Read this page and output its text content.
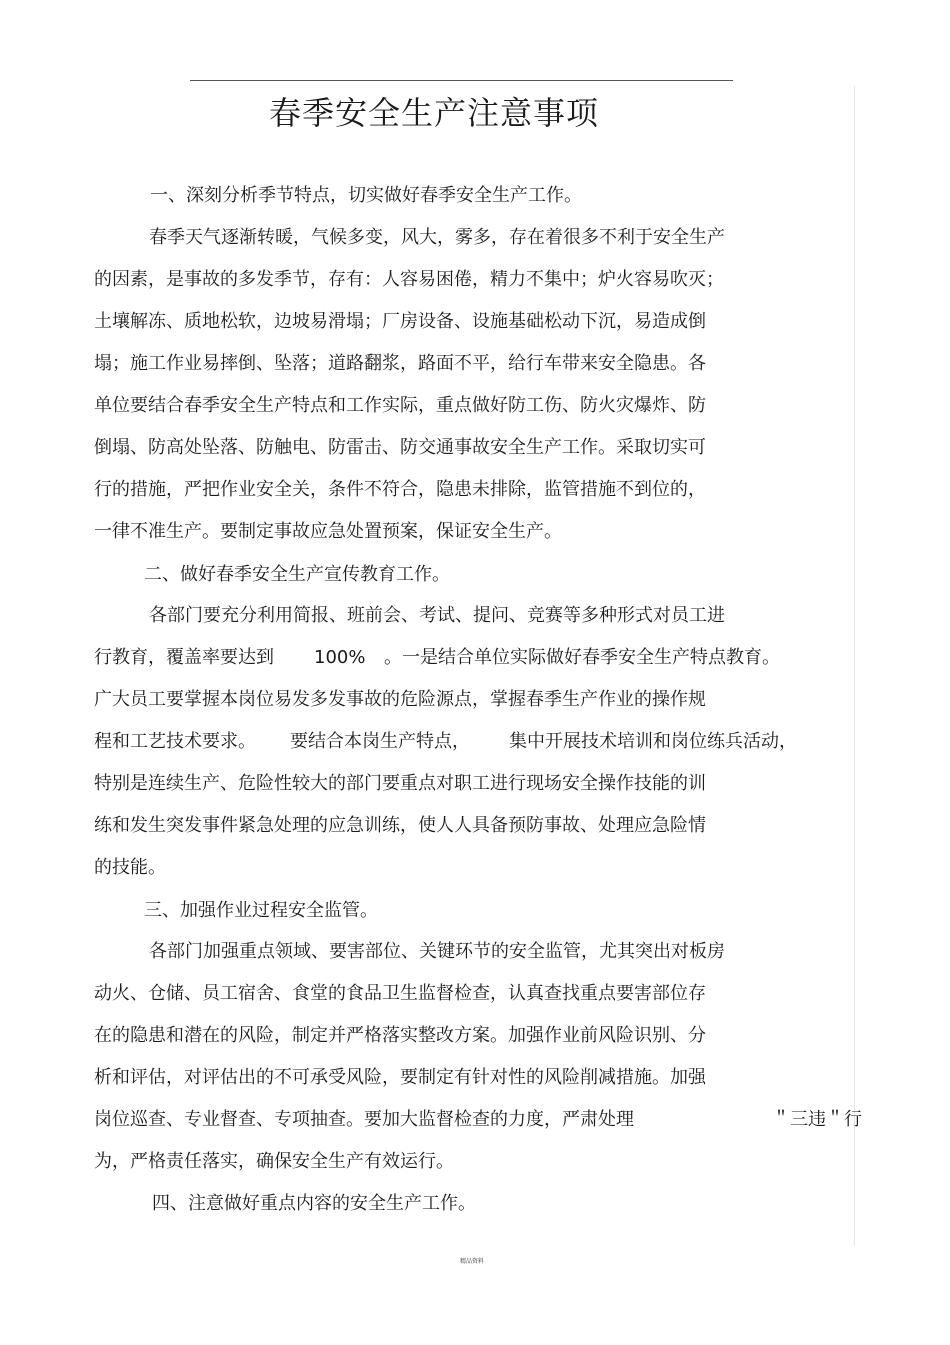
春季安全生产注意事项
一、深刻分析季节特点，切实做好春季安全生产工作。
春季天气逐渐转暖，气候多变，风大，雾多，存在着很多不利于安全生产
的因素，是事故的多发季节，存有：人容易困倦，精力不集中；炉火容易吹灭；
土壤解冻、质地松软，边坡易滑塌；厂房设备、设施基础松动下沉，易造成倒
塌；施工作业易摔倒、坠落；道路翻浆，路面不平，给行车带来安全隐患。各
单位要结合春季安全生产特点和工作实际，重点做好防工伤、防火灾爆炸、防
倒塌、防高处坠落、防触电、防雷击、防交通事故安全生产工作。采取切实可
行的措施，严把作业安全关，条件不符合，隐患未排除，监管措施不到位的，
一律不准生产。要制定事故应急处置预案，保证安全生产。
二、做好春季安全生产宣传教育工作。
各部门要充分利用简报、班前会、考试、提问、竞赛等多种形式对员工进
行教育，覆盖率要达到 100% 。一是结合单位实际做好春季安全生产特点教育。
广大员工要掌握本岗位易发多发事故的危险源点，掌握春季生产作业的操作规
程和工艺技术要求。 要结合本岗生产特点， 集中开展技术培训和岗位练兵活动，
特别是连续生产、危险性较大的部门要重点对职工进行现场安全操作技能的训
练和发生突发事件紧急处理的应急训练，使人人具备预防事故、处理应急险情
的技能。
三、加强作业过程安全监管。
各部门加强重点领域、要害部位、关键环节的安全监管，尤其突出对板房
动火、仓储、员工宿舍、食堂的食品卫生监督检查，认真查找重点要害部位存
在的隐患和潜在的风险，制定并严格落实整改方案。加强作业前风险识别、分
析和评估，对评估出的不可承受风险，要制定有针对性的风险削减措施。加强
岗位巡查、专业督查、专项抽查。要加大监督检查的力度，严肃处理	＂三违＂行
为，严格责任落实，确保安全生产有效运行。
四、注意做好重点内容的安全生产工作。
精品资料
